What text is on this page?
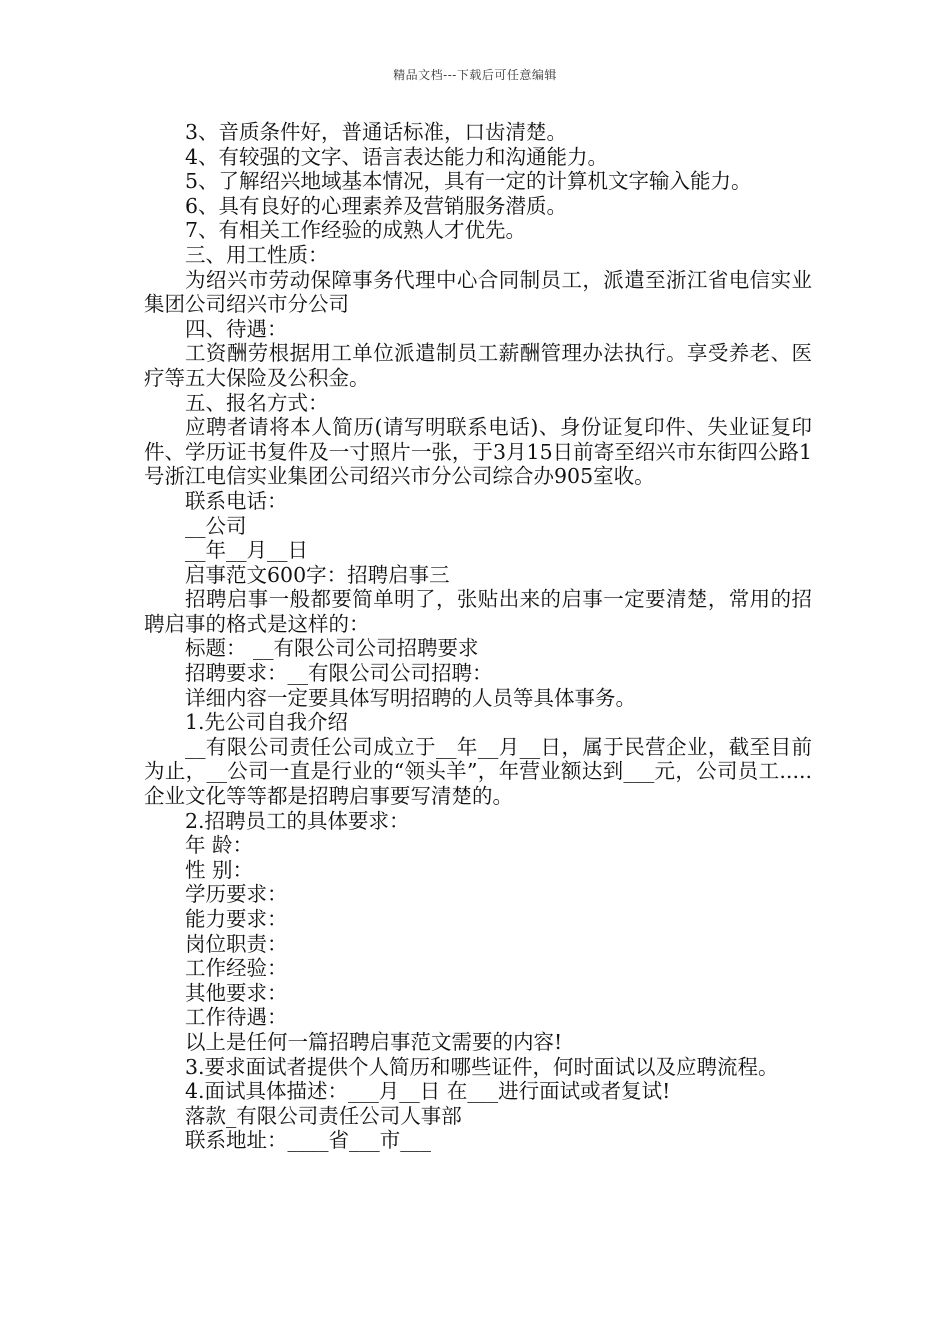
精品文档---下载后可任意编辑

3、音质条件好，普通话标准，口齿清楚。

4、有较强的文字、语言表达能力和沟通能力。

5、了解绍兴地域基本情况，具有一定的计算机文字输入能力。

6、具有良好的心理素养及营销服务潜质。

7、有相关工作经验的成熟人才优先。

三、用工性质：

为绍兴市劳动保障事务代理中心合同制员工，派遣至浙江省电信实业集团公司绍兴市分公司

四、待遇：

工资酬劳根据用工单位派遣制员工薪酬管理办法执行。享受养老、医疗等五大保险及公积金。

五、报名方式：

应聘者请将本人简历(请写明联系电话)、身份证复印件、失业证复印件、学历证书复件及一寸照片一张，于3月15日前寄至绍兴市东街四公路1号浙江电信实业集团公司绍兴市分公司综合办905室收。

联系电话：

__公司

__年__月__日

启事范文600字：招聘启事三

招聘启事一般都要简单明了，张贴出来的启事一定要清楚，常用的招聘启事的格式是这样的：

标题： __有限公司公司招聘要求

招聘要求：__有限公司公司招聘：

详细内容一定要具体写明招聘的人员等具体事务。

1.先公司自我介绍

__有限公司责任公司成立于__年__月__日，属于民营企业，截至目前为止，__公司一直是行业的“领头羊”，年营业额达到___元，公司员工.....企业文化等等都是招聘启事要写清楚的。

2.招聘员工的具体要求：

年 龄：

性 别：

学历要求：

能力要求：

岗位职责：

工作经验：

其他要求：

工作待遇：

以上是任何一篇招聘启事范文需要的内容!

3.要求面试者提供个人简历和哪些证件，何时面试以及应聘流程。

4.面试具体描述：___月__日 在___进行面试或者复试!

落款_有限公司责任公司人事部

联系地址：____省___市___
